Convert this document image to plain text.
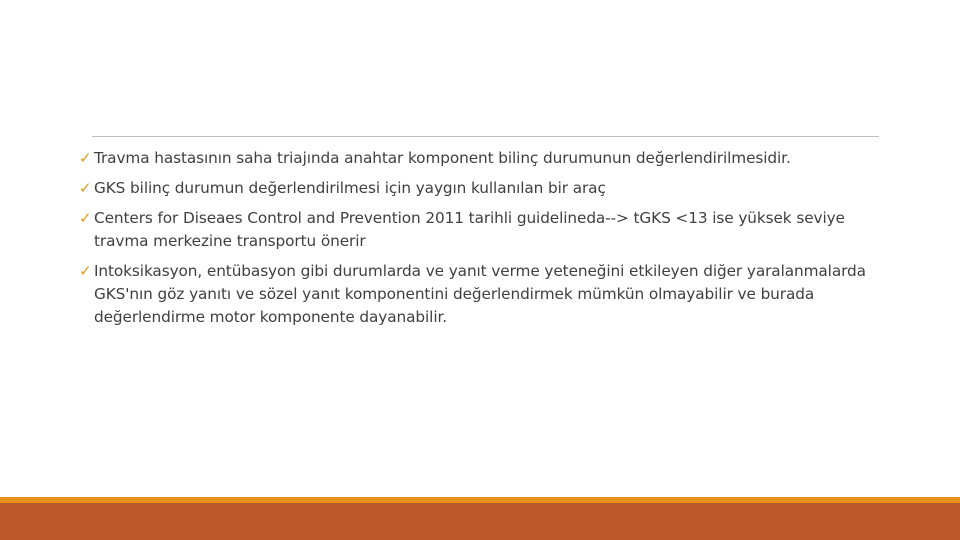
✓ Travma hastasının saha triajında anahtar komponent bilinç durumunun değerlendirilmesidir.
✓ GKS bilinç durumun değerlendirilmesi için yaygın kullanılan bir araç
✓ Centers for Diseaes Control and Prevention 2011 tarihli guidelineda--> tGKS <13 ise yüksek seviye travma merkezine transportu önerir
✓ Intoksikasyon, entübasyon gibi durumlarda ve yanıt verme yeteneğini etkileyen diğer yaralanmalarda GKS'nın göz yanıtı ve sözel yanıt komponentini değerlendirmek mümkün olmayabilir ve burada değerlendirme motor komponente dayanabilir.
